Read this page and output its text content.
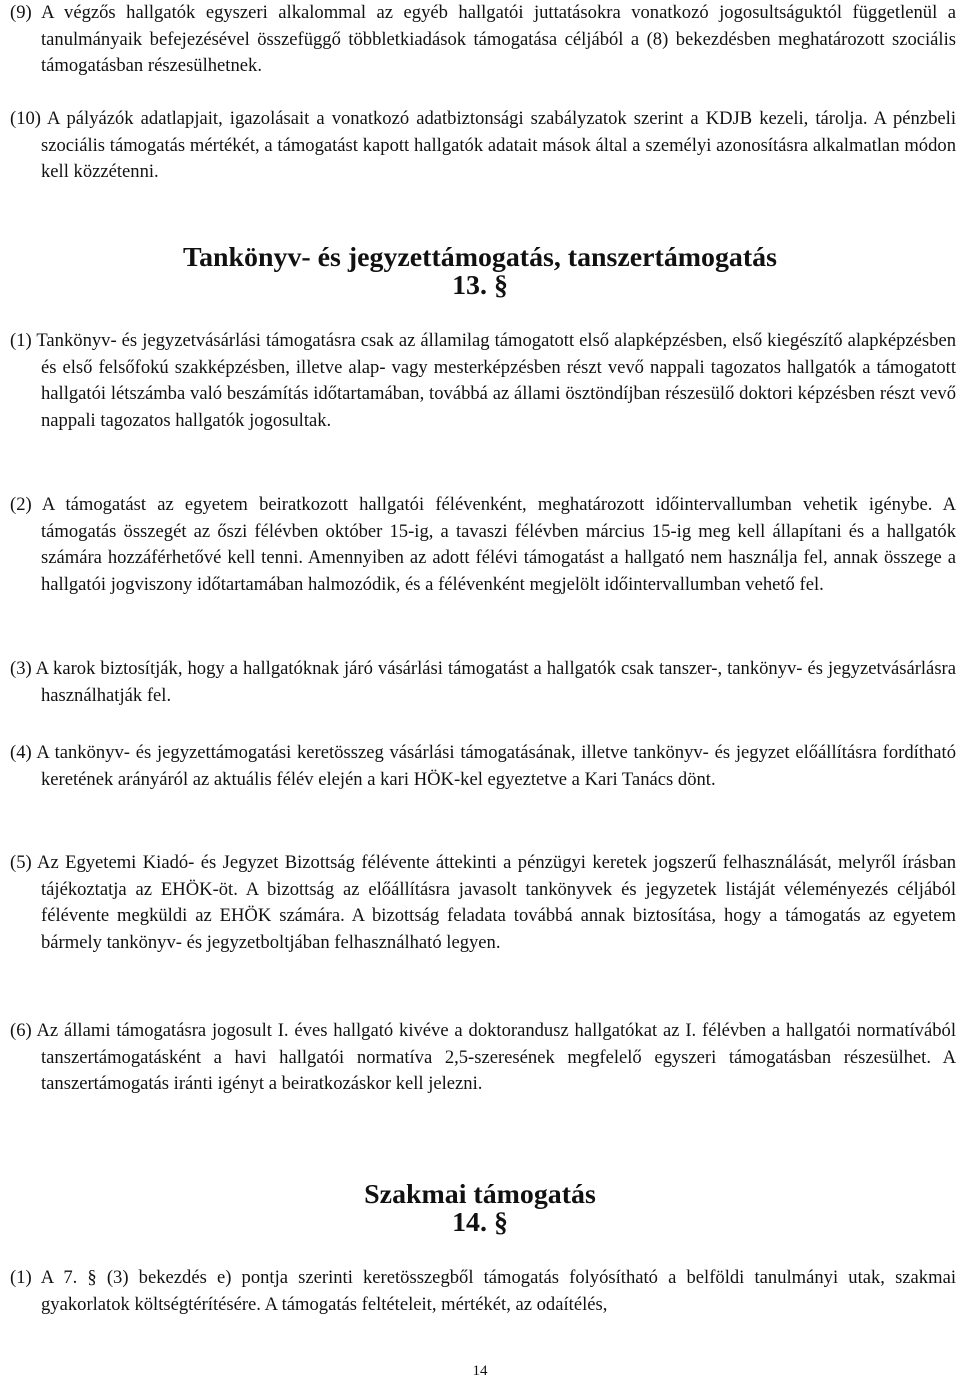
(9) A végzős hallgatók egyszeri alkalommal az egyéb hallgatói juttatásokra vonatkozó jogosultságuktól függetlenül a tanulmányaik befejezésével összefüggő többletkiadások támogatása céljából a (8) bekezdésben meghatározott szociális támogatásban részesülhetnek.

(10) A pályázók adatlapjait, igazolásait a vonatkozó adatbiztonsági szabályzatok szerint a KDJB kezeli, tárolja. A pénzbeli szociális támogatás mértékét, a támogatást kapott hallgatók adatait mások által a személyi azonosításra alkalmatlan módon kell közzétenni.

Tankönyv- és jegyzettámogatás, tanszertámogatás
13. §

(1) Tankönyv- és jegyzetvásárlási támogatásra csak az államilag támogatott első alapképzésben, első kiegészítő alapképzésben és első felsőfokú szakképzésben, illetve alap- vagy mesterképzésben részt vevő nappali tagozatos hallgatók a támogatott hallgatói létszámba való beszámítás időtartamában, továbbá az állami ösztöndíjban részesülő doktori képzésben részt vevő nappali tagozatos hallgatók jogosultak.

(2) A támogatást az egyetem beiratkozott hallgatói félévenként, meghatározott időintervallumban vehetik igénybe. A támogatás összegét az őszi félévben október 15-ig, a tavaszi félévben március 15-ig meg kell állapítani és a hallgatók számára hozzáférhetővé kell tenni. Amennyiben az adott félévi támogatást a hallgató nem használja fel, annak összege a hallgatói jogviszony időtartamában halmozódik, és a félévenként megjelölt időintervallumban vehető fel.

(3) A karok biztosítják, hogy a hallgatóknak járó vásárlási támogatást a hallgatók csak tanszer-, tankönyv- és jegyzetvásárlásra használhatják fel.

(4) A tankönyv- és jegyzettámogatási keretösszeg vásárlási támogatásának, illetve tankönyv- és jegyzet előállításra fordítható keretének arányáról az aktuális félév elején a kari HÖK-kel egyeztetve a Kari Tanács dönt.

(5) Az Egyetemi Kiadó- és Jegyzet Bizottság félévente áttekinti a pénzügyi keretek jogszerű felhasználását, melyről írásban tájékoztatja az EHÖK-öt. A bizottság az előállításra javasolt tankönyvek és jegyzetek listáját véleményezés céljából félévente megküldi az EHÖK számára. A bizottság feladata továbbá annak biztosítása, hogy a támogatás az egyetem bármely tankönyv- és jegyzetboltjában felhasználható legyen.

(6) Az állami támogatásra jogosult I. éves hallgató kivéve a doktorandusz hallgatókat az I. félévben a hallgatói normatívából tanszertámogatásként a havi hallgatói normatíva 2,5-szeresének megfelelő egyszeri támogatásban részesülhet. A tanszertámogatás iránti igényt a beiratkozáskor kell jelezni.

Szakmai támogatás
14. §

(1) A 7. § (3) bekezdés e) pontja szerinti keretösszegből támogatás folyósítható a belföldi tanulmányi utak, szakmai gyakorlatok költségtérítésére. A támogatás feltételeit, mértékét, az odaítélés,

14
